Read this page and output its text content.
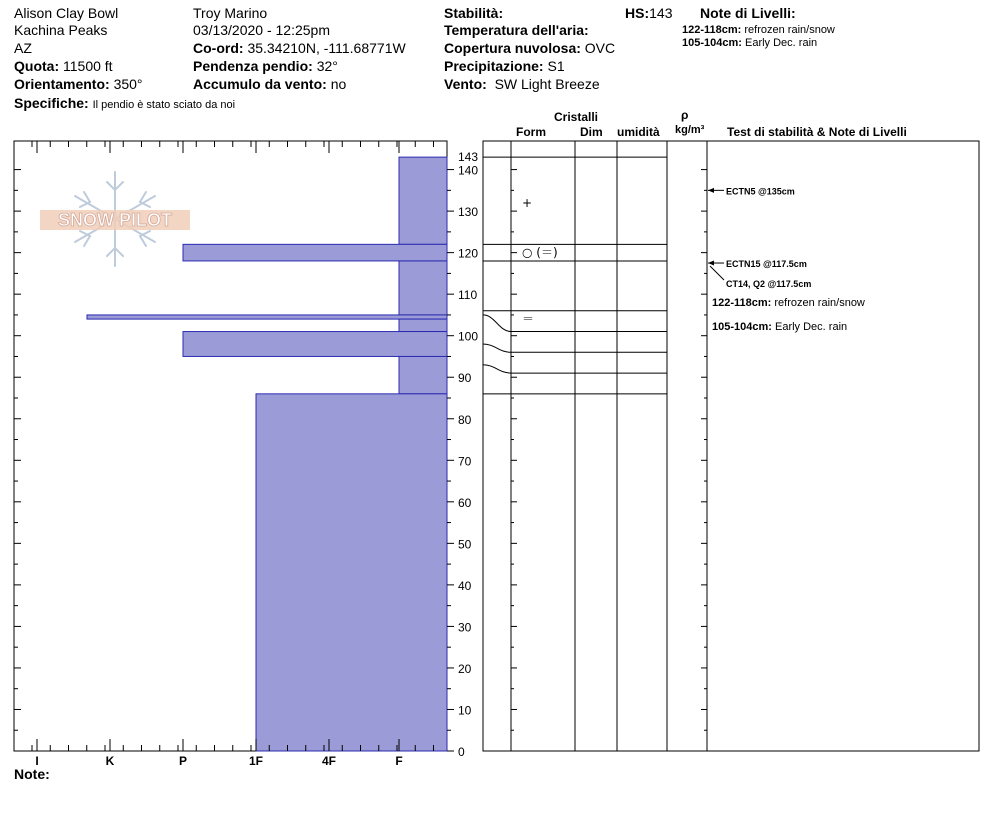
Alison Clay Bowl
Kachina Peaks
AZ
Quota: 11500 ft
Orientamento: 350°
Specifiche: Il pendio è stato sciato da noi
Troy Marino
03/13/2020 - 12:25pm
Co-ord: 35.34210N, -111.68771W
Pendenza pendio: 32°
Accumulo da vento: no
Stabilità:
Temperatura dell'aria:
Copertura nuvolosa: OVC
Precipitazione: S1
Vento: SW Light Breeze
HS:143 Note di Livelli:
122-118cm: refrozen rain/snow
105-104cm: Early Dec. rain
Cristalli
Form	Dim umidità
ρ
kg/m³ Test di stabilità & Note di Livelli
Note:
SNOW PILOT
I	K	P	1F	4F	F
0
10
20
30
40
50
60
70
80
90
100
110
120
130
140
143
+
○ (＝)
＝
ECTN5 @135cm
ECTN15 @117.5cm
CT14, Q2 @117.5cm
122-118cm: refrozen rain/snow
105-104cm: Early Dec. rain
